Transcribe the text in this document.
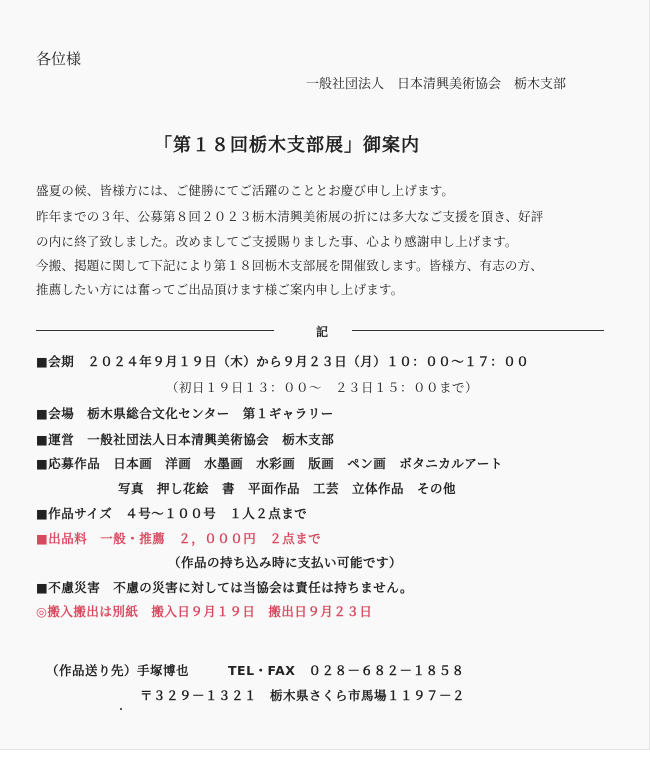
各位様
一般社団法人　日本清興美術協会　栃木支部
「第１８回栃木支部展」御案内
盛夏の候、皆様方には、ご健勝にてご活躍のこととお慶び申し上げます。
昨年までの３年、公募第８回２０２３栃木清興美術展の折には多大なご支援を頂き、好評
の内に終了致しました。改めましてご支援賜りました事、心より感謝申し上げます。
今搬、掲題に関して下記により第１８回栃木支部展を開催致します。皆様方、有志の方、
推薦したい方には奮ってご出品頂けます様ご案内申し上げます。
記
■会期　２０２４年９月１９日（木）から９月２３日（月）１０：００～１７：００
（初日１９日１３：００～　２３日１５：００まで）
■会場　栃木県総合文化センター　第１ギャラリー
■運営　一般社団法人日本清興美術協会　栃木支部
■応募作品　日本画　洋画　水墨画　水彩画　版画　ペン画　ボタニカルアート
写真　押し花絵　書　平面作品　工芸　立体作品　その他
■作品サイズ　４号～１００号　１人２点まで
■出品料　一般・推薦　２，０００円　２点まで
（作品の持ち込み時に支払い可能です）
■不慮災害　不慮の災害に対しては当協会は責任は持ちません。
◎搬入搬出は別紙　搬入日９月１９日　搬出日９月２３日
（作品送り先）手塚博也　　　TEL・FAX　０２８－６８２－１８５８
〒３２９－１３２１　栃木県さくら市馬場１１９７－２
